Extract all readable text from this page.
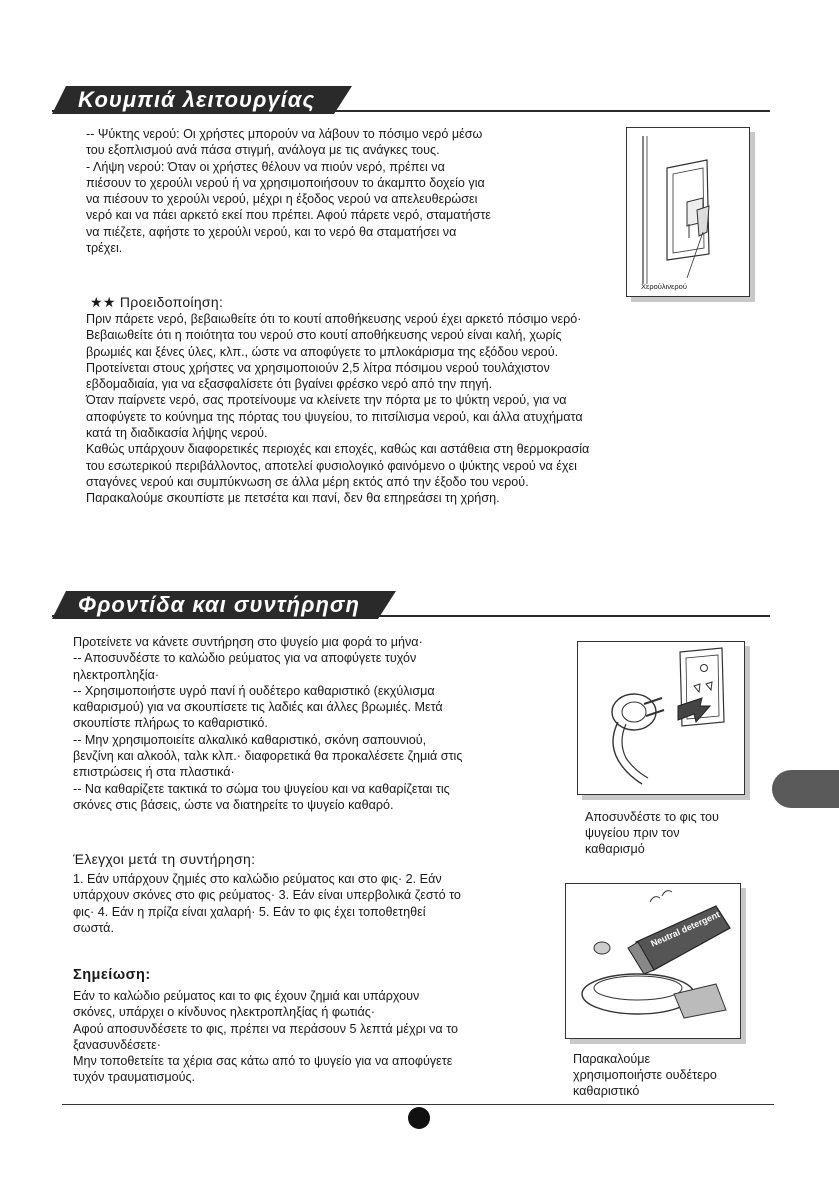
Κουμπιά λειτουργίας
-- Ψύκτης νερού: Οι χρήστες μπορούν να λάβουν το πόσιμο νερό μέσω
του εξοπλισμού ανά πάσα στιγμή, ανάλογα με τις ανάγκες τους.
- Λήψη νερού: Όταν οι χρήστες θέλουν να πιούν νερό, πρέπει να
πιέσουν το χερούλι νερού ή να χρησιμοποιήσουν το άκαμπτο δοχείο για
να πιέσουν το χερούλι νερού, μέχρι η έξοδος νερού να απελευθερώσει
νερό και να πάει αρκετό εκεί που πρέπει. Αφού πάρετε νερό, σταματήστε
να πιέζετε, αφήστε το χερούλι νερού, και το νερό θα σταματήσει να
τρέχει.
Χερούλινερού
★★ Προειδοποίηση:
Πριν πάρετε νερό, βεβαιωθείτε ότι το κουτί αποθήκευσης νερού έχει αρκετό πόσιμο νερό·
Βεβαιωθείτε ότι η ποιότητα του νερού στο κουτί αποθήκευσης νερού είναι καλή, χωρίς
βρωμιές και ξένες ύλες, κλπ., ώστε να αποφύγετε το μπλοκάρισμα της εξόδου νερού.
Προτείνεται στους χρήστες να χρησιμοποιούν 2,5 λίτρα πόσιμου νερού τουλάχιστον
εβδομαδιαία, για να εξασφαλίσετε ότι βγαίνει φρέσκο νερό από την πηγή.
Όταν παίρνετε νερό, σας προτείνουμε να κλείνετε την πόρτα με το ψύκτη νερού, για να
αποφύγετε το κούνημα της πόρτας του ψυγείου, το πιτσίλισμα νερού, και άλλα ατυχήματα
κατά τη διαδικασία λήψης νερού.
Καθώς υπάρχουν διαφορετικές περιοχές και εποχές, καθώς και αστάθεια στη θερμοκρασία
του εσωτερικού περιβάλλοντος, αποτελεί φυσιολογικό φαινόμενο ο ψύκτης νερού να έχει
σταγόνες νερού και συμπύκνωση σε άλλα μέρη εκτός από την έξοδο του νερού.
Παρακαλούμε σκουπίστε με πετσέτα και πανί, δεν θα επηρεάσει τη χρήση.
Φροντίδα και συντήρηση
Προτείνετε να κάνετε συντήρηση στο ψυγείο μια φορά το μήνα·
-- Αποσυνδέστε το καλώδιο ρεύματος για να αποφύγετε τυχόν
ηλεκτροπληξία·
-- Χρησιμοποιήστε υγρό πανί ή ουδέτερο καθαριστικό (εκχύλισμα
καθαρισμού) για να σκουπίσετε τις λαδιές και άλλες βρωμιές. Μετά
σκουπίστε πλήρως το καθαριστικό.
-- Μην χρησιμοποιείτε αλκαλικό καθαριστικό, σκόνη σαπουνιού,
βενζίνη και αλκοόλ, ταλκ κλπ.· διαφορετικά θα προκαλέσετε ζημιά στις
επιστρώσεις ή στα πλαστικά·
-- Να καθαρίζετε τακτικά το σώμα του ψυγείου και να καθαρίζεται τις
σκόνες στις βάσεις, ώστε να διατηρείτε το ψυγείο καθαρό.
Αποσυνδέστε το φις του
ψυγείου πριν τον
καθαρισμό
Έλεγχοι μετά τη συντήρηση:
1. Εάν υπάρχουν ζημιές στο καλώδιο ρεύματος και στο φις· 2. Εάν
υπάρχουν σκόνες στο φις ρεύματος· 3. Εάν είναι υπερβολικά ζεστό το
φις· 4. Εάν η πρίζα είναι χαλαρή· 5. Εάν το φις έχει τοποθετηθεί
σωστά.	Neutral detergent
Σημείωση:
Εάν το καλώδιο ρεύματος και το φις έχουν ζημιά και υπάρχουν
σκόνες, υπάρχει ο κίνδυνος ηλεκτροπληξίας ή φωτιάς·
Αφού αποσυνδέσετε το φις, πρέπει να περάσουν 5 λεπτά μέχρι να το
ξανασυνδέσετε·
Μην τοποθετείτε τα χέρια σας κάτω από το ψυγείο για να αποφύγετε
τυχόν τραυματισμούς.
Παρακαλούμε
χρησιμοποιήστε ουδέτερο
καθαριστικό
